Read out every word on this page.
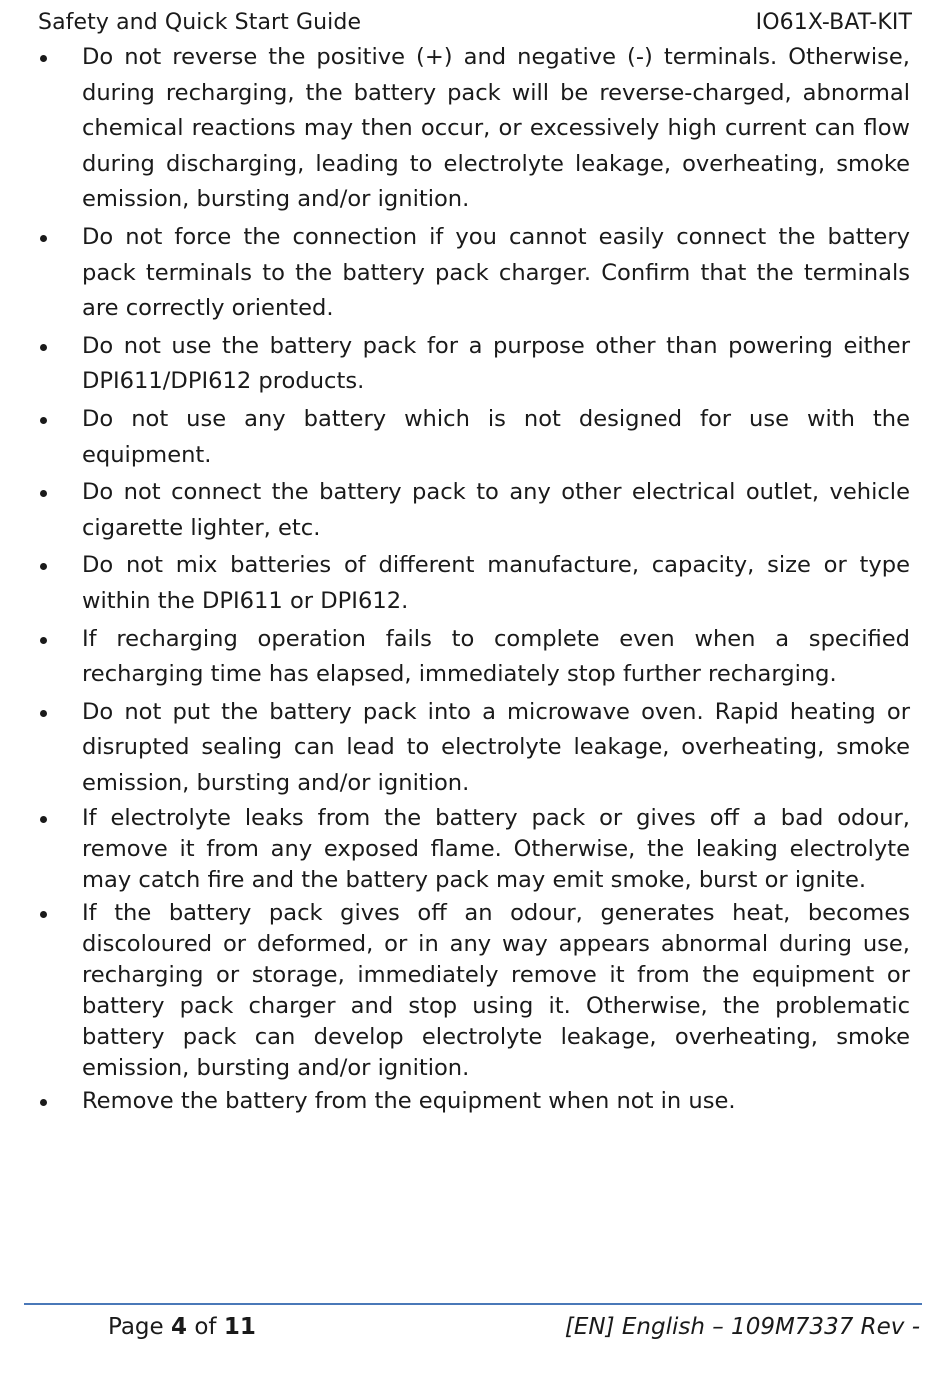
Safety and Quick Start Guide	IO61X-BAT-KIT
Do not reverse the positive (+) and negative (-) terminals. Otherwise, during recharging, the battery pack will be reverse-charged, abnormal chemical reactions may then occur, or excessively high current can flow during discharging, leading to electrolyte leakage, overheating, smoke emission, bursting and/or ignition.
Do not force the connection if you cannot easily connect the battery pack terminals to the battery pack charger. Confirm that the terminals are correctly oriented.
Do not use the battery pack for a purpose other than powering either DPI611/DPI612 products.
Do not use any battery which is not designed for use with the equipment.
Do not connect the battery pack to any other electrical outlet, vehicle cigarette lighter, etc.
Do not mix batteries of different manufacture, capacity, size or type within the DPI611 or DPI612.
If recharging operation fails to complete even when a specified recharging time has elapsed, immediately stop further recharging.
Do not put the battery pack into a microwave oven. Rapid heating or disrupted sealing can lead to electrolyte leakage, overheating, smoke emission, bursting and/or ignition.
If electrolyte leaks from the battery pack or gives off a bad odour, remove it from any exposed flame. Otherwise, the leaking electrolyte may catch fire and the battery pack may emit smoke, burst or ignite.
If the battery pack gives off an odour, generates heat, becomes discoloured or deformed, or in any way appears abnormal during use, recharging or storage, immediately remove it from the equipment or battery pack charger and stop using it. Otherwise, the problematic battery pack can develop electrolyte leakage, overheating, smoke emission, bursting and/or ignition.
Remove the battery from the equipment when not in use.
Page 4 of 11	[EN] English – 109M7337 Rev -
